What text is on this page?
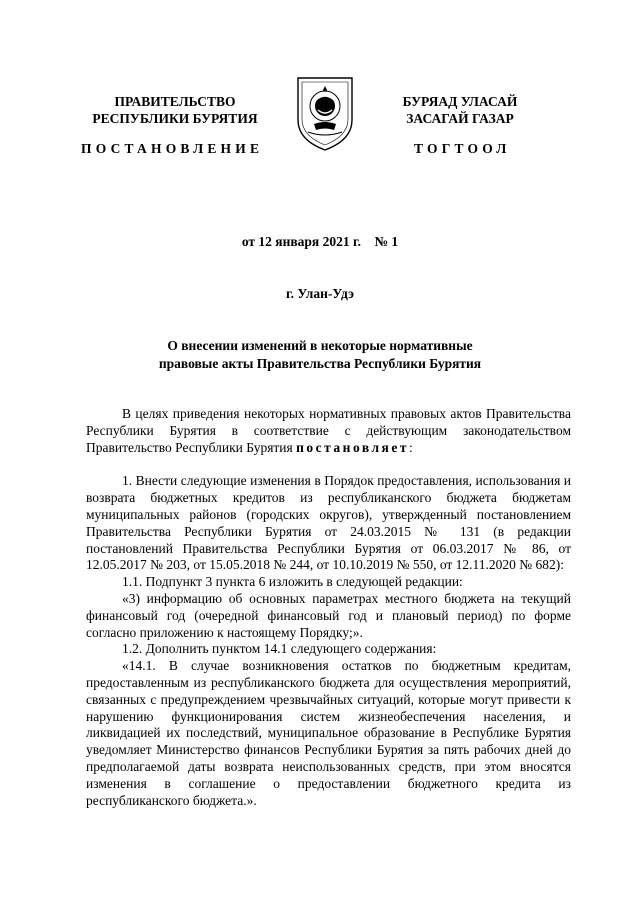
ПРАВИТЕЛЬСТВО
РЕСПУБЛИКИ БУРЯТИЯ
БУРЯАД УЛАСАЙ
ЗАСАГАЙ ГАЗАР
ПОСТАНОВЛЕНИЕ	ТОГТООЛ
от 12 января 2021 г.    № 1
г. Улан-Удэ
О внесении изменений в некоторые нормативные
правовые акты Правительства Республики Бурятия

В целях приведения некоторых нормативных правовых актов Правительства Республики Бурятия в соответствие с действующим законодательством Правительство Республики Бурятия постановляет:

1. Внести следующие изменения в Порядок предоставления, использования и возврата бюджетных кредитов из республиканского бюджета бюджетам муниципальных районов (городских округов), утвержденный постановлением Правительства Республики Бурятия от 24.03.2015 № 131 (в редакции постановлений Правительства Республики Бурятия от 06.03.2017 № 86, от 12.05.2017 № 203, от 15.05.2018 № 244, от 10.10.2019 № 550, от 12.11.2020 № 682):

1.1. Подпункт 3 пункта 6 изложить в следующей редакции:

«3) информацию об основных параметрах местного бюджета на текущий финансовый год (очередной финансовый год и плановый период) по форме согласно приложению к настоящему Порядку;».

1.2. Дополнить пунктом 14.1 следующего содержания:

«14.1. В случае возникновения остатков по бюджетным кредитам, предоставленным из республиканского бюджета для осуществления мероприятий, связанных с предупреждением чрезвычайных ситуаций, которые могут привести к нарушению функционирования систем жизнеобеспечения населения, и ликвидацией их последствий, муниципальное образование в Республике Бурятия уведомляет Министерство финансов Республики Бурятия за пять рабочих дней до предполагаемой даты возврата неиспользованных средств, при этом вносятся изменения в соглашение о предоставлении бюджетного кредита из республиканского бюджета.».
